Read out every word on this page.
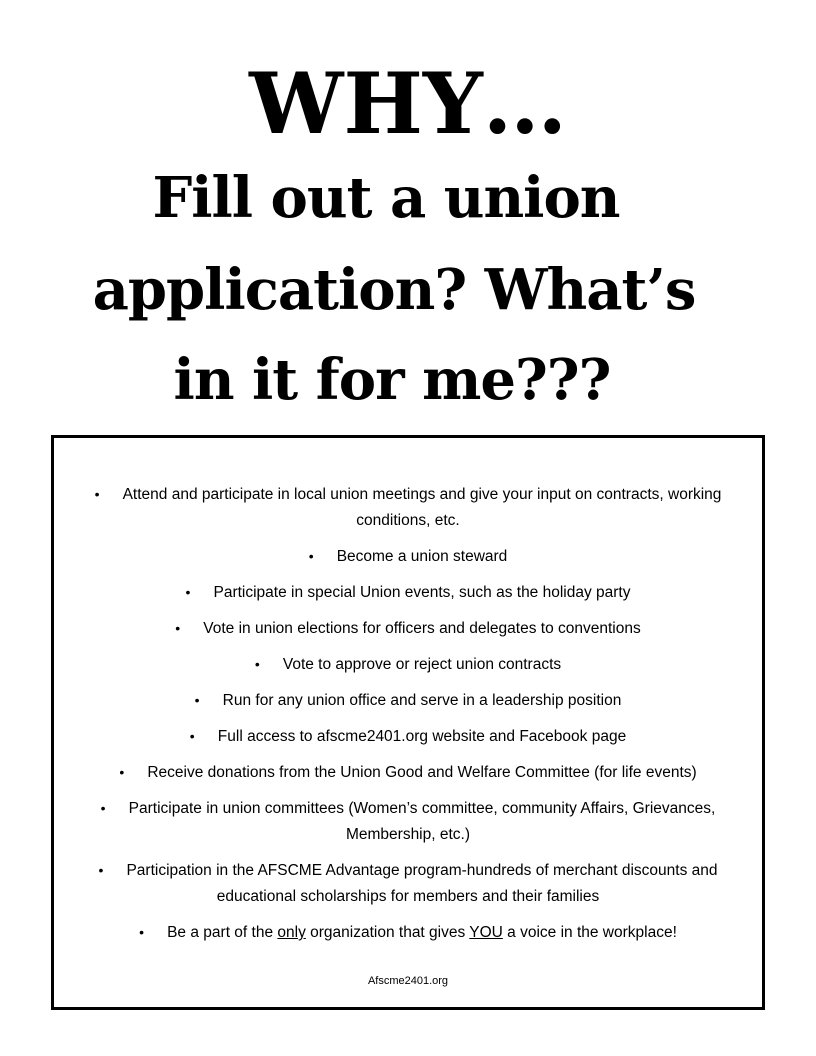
WHY…
Fill out a union
application? What’s
in it for me???
• Attend and participate in local union meetings and give your input on contracts, working conditions, etc.
• Become a union steward
• Participate in special Union events, such as the holiday party
• Vote in union elections for officers and delegates to conventions
• Vote to approve or reject union contracts
• Run for any union office and serve in a leadership position
• Full access to afscme2401.org website and Facebook page
• Receive donations from the Union Good and Welfare Committee (for life events)
• Participate in union committees (Women’s committee, community Affairs, Grievances, Membership, etc.)
• Participation in the AFSCME Advantage program-hundreds of merchant discounts and educational scholarships for members and their families
• Be a part of the only organization that gives YOU a voice in the workplace!
Afscme2401.org
